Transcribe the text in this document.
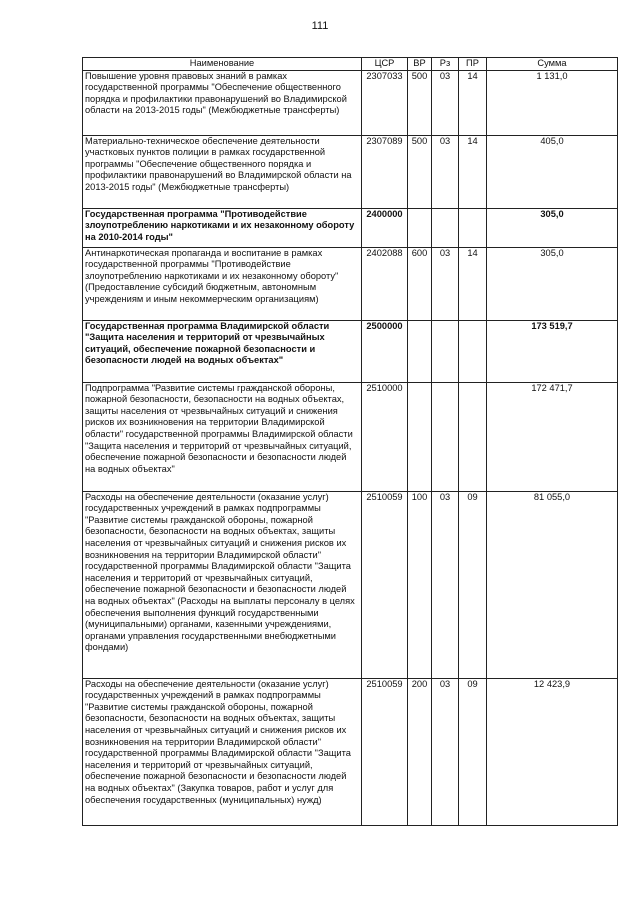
111
Наименование	ЦСР	ВР	Рз	ПР	Сумма
Повышение уровня правовых знаний в рамках государственной программы "Обеспечение общественного порядка и профилактики правонарушений во Владимирской области на 2013-2015 годы" (Межбюджетные трансферты)	2307033	500	03	14	1 131,0
Материально-техническое обеспечение деятельности участковых пунктов полиции в рамках государственной программы "Обеспечение общественного порядка и профилактики правонарушений во Владимирской области на 2013-2015 годы" (Межбюджетные трансферты)	2307089	500	03	14	405,0
Государственная программа "Противодействие злоупотреблению наркотиками и их незаконному обороту на 2010-2014 годы"	2400000				305,0
Антинаркотическая пропаганда и воспитание в рамках государственной программы "Противодействие злоупотреблению наркотиками и их незаконному обороту" (Предоставление субсидий бюджетным, автономным учреждениям и иным некоммерческим организациям)	2402088	600	03	14	305,0
Государственная программа Владимирской области "Защита населения и территорий от чрезвычайных ситуаций, обеспечение пожарной безопасности и безопасности людей на водных объектах"	2500000				173 519,7
Подпрограмма "Развитие системы гражданской обороны, пожарной безопасности, безопасности на водных объектах, защиты населения от чрезвычайных ситуаций и снижения рисков их возникновения на территории Владимирской области" государственной программы Владимирской области "Защита населения и территорий от чрезвычайных ситуаций, обеспечение пожарной безопасности и безопасности людей на водных объектах"	2510000				172 471,7
Расходы на обеспечение деятельности (оказание услуг) государственных учреждений в рамках подпрограммы "Развитие системы гражданской обороны, пожарной безопасности, безопасности на водных объектах, защиты населения от чрезвычайных ситуаций и снижения рисков их возникновения на территории Владимирской области" государственной программы Владимирской области "Защита населения и территорий от чрезвычайных ситуаций, обеспечение пожарной безопасности и безопасности людей на водных объектах" (Расходы на выплаты персоналу в целях обеспечения выполнения функций государственными (муниципальными) органами, казенными учреждениями, органами управления государственными внебюджетными фондами)	2510059	100	03	09	81 055,0
Расходы на обеспечение деятельности (оказание услуг) государственных учреждений в рамках подпрограммы "Развитие системы гражданской обороны, пожарной безопасности, безопасности на водных объектах, защиты населения от чрезвычайных ситуаций и снижения рисков их возникновения на территории Владимирской области" государственной программы Владимирской области "Защита населения и территорий от чрезвычайных ситуаций, обеспечение пожарной безопасности и безопасности людей на водных объектах" (Закупка товаров, работ и услуг для обеспечения государственных (муниципальных) нужд)	2510059	200	03	09	12 423,9
